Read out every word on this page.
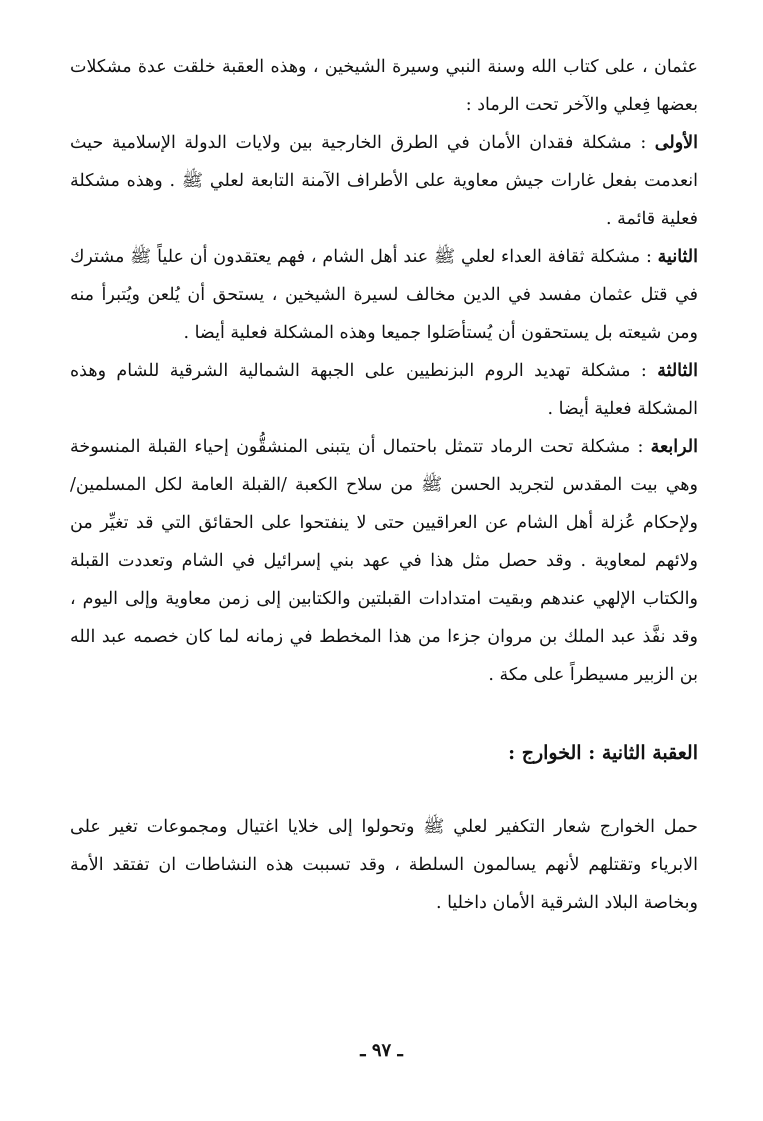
عثمان ، على كتاب الله وسنة النبي وسيرة الشيخين ، وهذه العقبة خلقت عدة مشكلات بعضها فِعلي والآخر تحت الرماد :

الأولى : مشكلة فقدان الأمان في الطرق الخارجية بين ولايات الدولة الإسلامية حيث انعدمت بفعل غارات جيش معاوية على الأطراف الآمنة التابعة لعلي ﷺ . وهذه مشكلة فعلية قائمة .

الثانية : مشكلة ثقافة العداء لعلي ﷺ عند أهل الشام ، فهم يعتقدون أن علياً ﷺ مشترك في قتل عثمان مفسد في الدين مخالف لسيرة الشيخين ، يستحق أن يُلعن ويُتبرأ منه ومن شيعته بل يستحقون أن يُستأصَلوا جميعا وهذه المشكلة فعلية أيضا .

الثالثة : مشكلة تهديد الروم البزنطيين على الجبهة الشمالية الشرقية للشام وهذه المشكلة فعلية أيضا .

الرابعة : مشكلة تحت الرماد تتمثل باحتمال أن يتبنى المنشقُّون إحياء القبلة المنسوخة وهي بيت المقدس لتجريد الحسن ﷺ من سلاح الكعبة /القبلة العامة لكل المسلمين/ ولإحكام عُزلة أهل الشام عن العراقيين حتى لا ينفتحوا على الحقائق التي قد تغيِّر من ولائهم لمعاوية . وقد حصل مثل هذا في عهد بني إسرائيل في الشام وتعددت القبلة والكتاب الإلهي عندهم وبقيت امتدادات القبلتين والكتابين إلى زمن معاوية وإلى اليوم ، وقد نفَّذ عبد الملك بن مروان جزءا من هذا المخطط في زمانه لما كان خصمه عبد الله بن الزبير مسيطراً على مكة .

العقبة الثانية : الخوارج :

حمل الخوارج شعار التكفير لعلي ﷺ وتحولوا إلى خلايا اغتيال ومجموعات تغير على الابرياء وتقتلهم لأنهم يسالمون السلطة ، وقد تسببت هذه النشاطات ان تفتقد الأمة وبخاصة البلاد الشرقية الأمان داخليا .

ـ ٩٧ ـ
